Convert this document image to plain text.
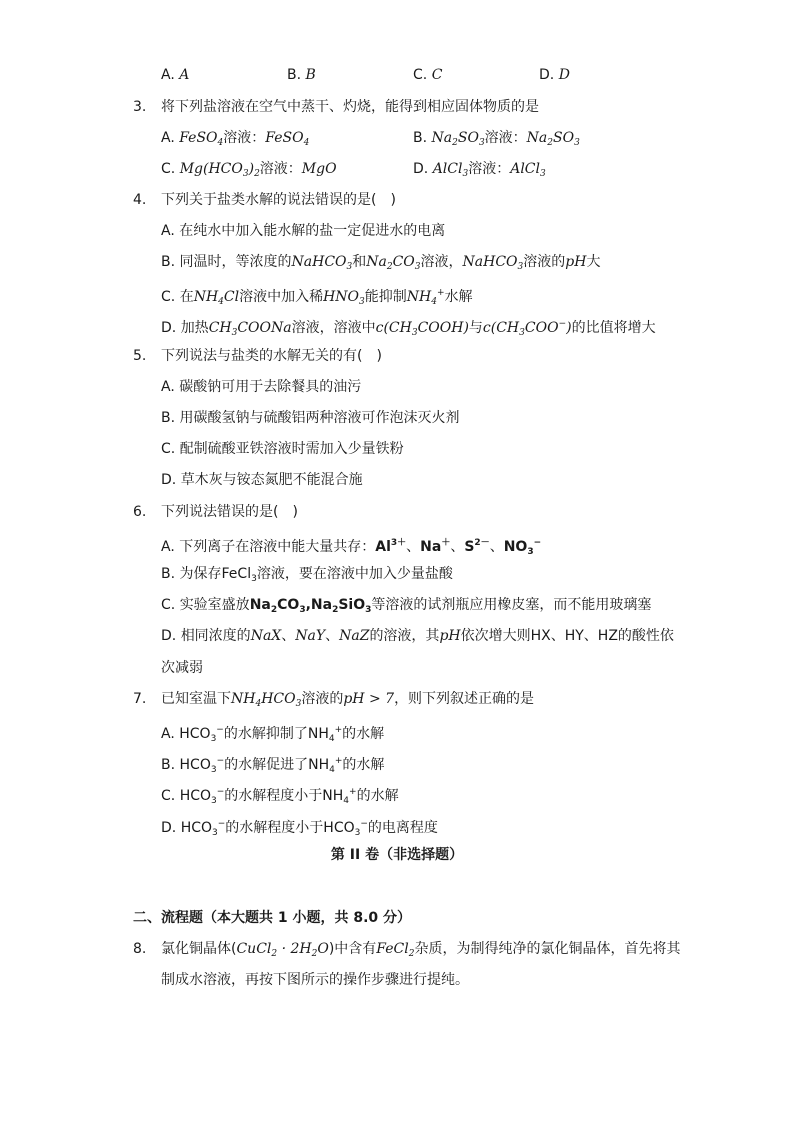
A. A	B. B	C. C	D. D
3. 将下列盐溶液在空气中蒸干、灼烧，能得到相应固体物质的是
A. FeSO$_4$溶液：FeSO$_4$	B. $Na_2SO_3$溶液：$Na_2SO_3$
C. $Mg(HCO_3)_2$溶液：MgO	D. AlCl$_3$溶液：AlCl$_3$
4. 下列关于盐类水解的说法错误的是(　)
A. 在纯水中加入能水解的盐一定促进水的电离
B. 同温时，等浓度的NaHCO$_3$和$Na_2CO_3$溶液，NaHCO$_3$溶液的pH大
C. 在$NH_4Cl$溶液中加入稀$HNO_3$能抑制$NH_4^+$水解
D. 加热$CH_3COONa$溶液，溶液中$c(CH_3COOH)$与$c(CH_3COO^-)$的比值将增大
5. 下列说法与盐类的水解无关的有(　)
A. 碳酸钠可用于去除餐具的油污
B. 用碳酸氢钠与硫酸铝两种溶液可作泡沫灭火剂
C. 配制硫酸亚铁溶液时需加入少量铁粉
D. 草木灰与铵态氮肥不能混合施
6. 下列说法错误的是(　)
A. 下列离子在溶液中能大量共存：$Al^{3+}$、Na＋、$S^{2-}$、$NO_3^-$
B. 为保存FeCl$_3$溶液，要在溶液中加入少量盐酸
C. 实验室盛放$Na_2CO_3,Na_2SiO_3$等溶液的试剂瓶应用橡皮塞，而不能用玻璃塞
D. 相同浓度的NaX、NaY、NaZ的溶液，其pH依次增大则HX、HY、HZ的酸性依
次减弱
7. 已知室温下$NH_4HCO_3$溶液的pH > 7，则下列叙述正确的是
A. $HCO_3^-$的水解抑制了$NH_4^+$的水解
B. $HCO_3^-$的水解促进了$NH_4^+$的水解
C. $HCO_3^-$的水解程度小于$NH_4^+$的水解
D. $HCO_3^-$的水解程度小于$HCO_3^-$的电离程度
第 II 卷（非选择题）
二、流程题（本大题共 1 小题，共 8.0 分）
8. 氯化铜晶体(CuCl$_2$ · $2H_2O$)中含有FeCl$_2$杂质，为制得纯净的氯化铜晶体，首先将其
制成水溶液，再按下图所示的操作步骤进行提纯。
